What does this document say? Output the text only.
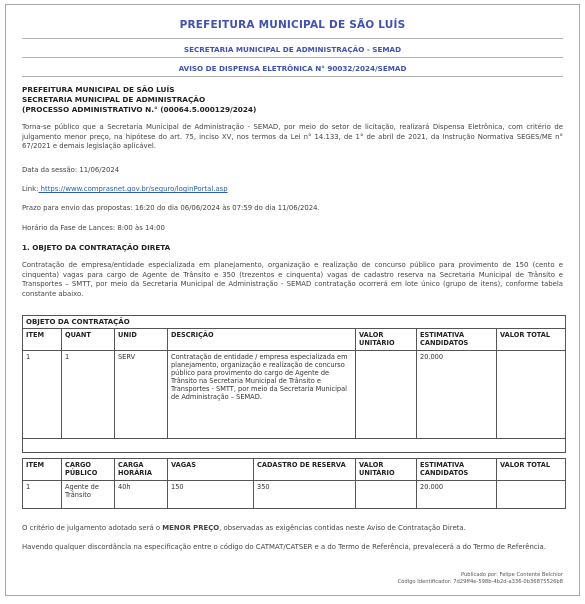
PREFEITURA MUNICIPAL DE SÃO LUÍS
SECRETARIA MUNICIPAL DE ADMINISTRAÇÃO - SEMAD
AVISO DE DISPENSA ELETRÔNICA N° 90032/2024/SEMAD
PREFEITURA MUNICIPAL DE SÃO LUÍS
SECRETARIA MUNICIPAL DE ADMINISTRAÇÃO
(PROCESSO ADMINISTRATIVO N.° (00064.5.000129/2024)
Torna-se público que a Secretaria Municipal de Administração - SEMAD, por meio do setor de licitação, realizará Dispensa Eletrônica, com critério de julgamento menor preço, na hipótese do art. 75, inciso XV, nos termos da Lei n° 14.133, de 1° de abril de 2021, da Instrução Normativa SEGES/ME n° 67/2021 e demais legislação aplicável.
Data da sessão: 11/06/2024
Link: https://www.comprasnet.gov.br/seguro/loginPortal.asp
Prazo para envio das propostas: 16:20 do dia 06/06/2024 às 07:59 do dia 11/06/2024.
Horário da Fase de Lances: 8:00 às 14:00
1. OBJETO DA CONTRATAÇÃO DIRETA
Contratação de empresa/entidade especializada em planejamento, organização e realização de concurso público para provimento de 150 (cento e cinquenta) vagas para cargo de Agente de Trânsito e 350 (trezentos e cinquenta) vagas de cadastro reserva na Secretaria Municipal de Trânsito e Transportes – SMTT, por meio da Secretaria Municipal de Administração - SEMAD contratação ocorrerá em lote único (grupo de itens), conforme tabela constante abaixo.
OBJETO DA CONTRATAÇÃO						
ITEM	QUANT	UNID	DESCRIÇÃO	VALOR UNITÁRIO	ESTIMATIVA CANDIDATOS	VALOR TOTAL
1	1	SERV	Contratação de entidade / empresa especializada em planejamento, organização e realização de concurso público para provimento do cargo de Agente de Trânsito na Secretaria Municipal de Trânsito e Transportes - SMTT, por meio da Secretaria Municipal de Administração – SEMAD.		20.000	

ITEM	CARGO PÚBLICO	CARGA HORÁRIA	VAGAS	CADASTRO DE RESERVA	VALOR UNITÁRIO	ESTIMATIVA CANDIDATOS	VALOR TOTAL
1	Agente de Trânsito	40h	150	350		20.000	
O critério de julgamento adotado será o MENOR PREÇO, observadas as exigências contidas neste Aviso de Contratação Direta.
Havendo qualquer discordância na especificação entre o código do CATMAT/CATSER e a do Termo de Referência, prevalecerá a do Termo de Referência.
Publicado por: Felipe Contente Belchior
Código Identificador: 7d29ff4e-598b-4b2d-a336-0b36875526b8
